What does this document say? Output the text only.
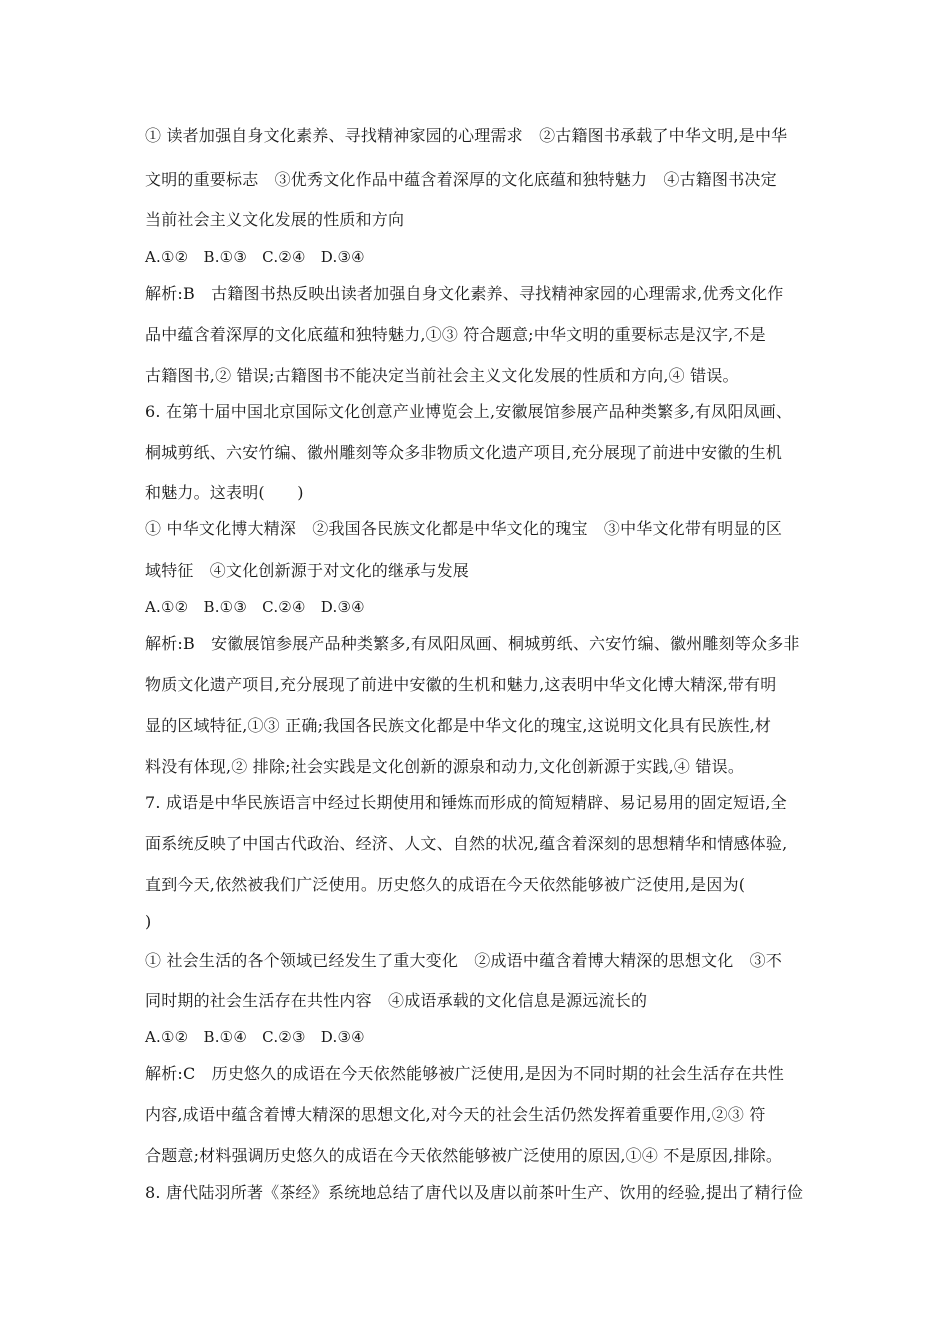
① 读者加强自身文化素养、寻找精神家园的心理需求　②古籍图书承载了中华文明,是中华
文明的重要标志　③优秀文化作品中蕴含着深厚的文化底蕴和独特魅力　④古籍图书决定
当前社会主义文化发展的性质和方向
A.①②　B.①③　C.②④　D.③④
解析:B　古籍图书热反映出读者加强自身文化素养、寻找精神家园的心理需求,优秀文化作
品中蕴含着深厚的文化底蕴和独特魅力,①③ 符合题意;中华文明的重要标志是汉字,不是
古籍图书,② 错误;古籍图书不能决定当前社会主义文化发展的性质和方向,④ 错误。
6. 在第十届中国北京国际文化创意产业博览会上,安徽展馆参展产品种类繁多,有凤阳凤画、
桐城剪纸、六安竹编、徽州雕刻等众多非物质文化遗产项目,充分展现了前进中安徽的生机
和魅力。这表明(　　)
① 中华文化博大精深　②我国各民族文化都是中华文化的瑰宝　③中华文化带有明显的区
域特征　④文化创新源于对文化的继承与发展
A.①②　B.①③　C.②④　D.③④
解析:B　安徽展馆参展产品种类繁多,有凤阳凤画、桐城剪纸、六安竹编、徽州雕刻等众多非
物质文化遗产项目,充分展现了前进中安徽的生机和魅力,这表明中华文化博大精深,带有明
显的区域特征,①③ 正确;我国各民族文化都是中华文化的瑰宝,这说明文化具有民族性,材
料没有体现,② 排除;社会实践是文化创新的源泉和动力,文化创新源于实践,④ 错误。
7. 成语是中华民族语言中经过长期使用和锤炼而形成的简短精辟、易记易用的固定短语,全
面系统反映了中国古代政治、经济、人文、自然的状况,蕴含着深刻的思想精华和情感体验,
直到今天,依然被我们广泛使用。历史悠久的成语在今天依然能够被广泛使用,是因为(
)
① 社会生活的各个领域已经发生了重大变化　②成语中蕴含着博大精深的思想文化　③不
同时期的社会生活存在共性内容　④成语承载的文化信息是源远流长的
A.①②　B.①④　C.②③　D.③④
解析:C　历史悠久的成语在今天依然能够被广泛使用,是因为不同时期的社会生活存在共性
内容,成语中蕴含着博大精深的思想文化,对今天的社会生活仍然发挥着重要作用,②③ 符
合题意;材料强调历史悠久的成语在今天依然能够被广泛使用的原因,①④ 不是原因,排除。
8. 唐代陆羽所著《茶经》系统地总结了唐代以及唐以前茶叶生产、饮用的经验,提出了精行俭
